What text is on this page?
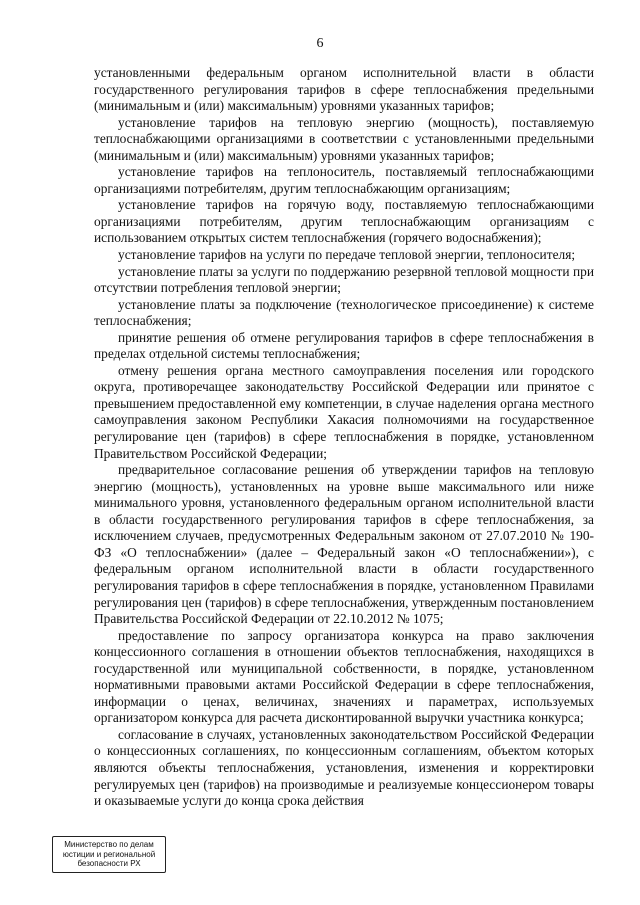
6

установленными федеральным органом исполнительной власти в области государственного регулирования тарифов в сфере теплоснабжения предельными (минимальным и (или) максимальным) уровнями указанных тарифов;

установление тарифов на тепловую энергию (мощность), поставляемую теплоснабжающими организациями в соответствии с установленными предельными (минимальным и (или) максимальным) уровнями указанных тарифов;

установление тарифов на теплоноситель, поставляемый теплоснабжающими организациями потребителям, другим теплоснабжающим организациям;

установление тарифов на горячую воду, поставляемую теплоснабжающими организациями потребителям, другим теплоснабжающим организациям с использованием открытых систем теплоснабжения (горячего водоснабжения);

установление тарифов на услуги по передаче тепловой энергии, теплоносителя;

установление платы за услуги по поддержанию резервной тепловой мощности при отсутствии потребления тепловой энергии;

установление платы за подключение (технологическое присоединение) к системе теплоснабжения;

принятие решения об отмене регулирования тарифов в сфере теплоснабжения в пределах отдельной системы теплоснабжения;

отмену решения органа местного самоуправления поселения или городского округа, противоречащее законодательству Российской Федерации или принятое с превышением предоставленной ему компетенции, в случае наделения органа местного самоуправления законом Республики Хакасия полномочиями на государственное регулирование цен (тарифов) в сфере теплоснабжения в порядке, установленном Правительством Российской Федерации;

предварительное согласование решения об утверждении тарифов на тепловую энергию (мощность), установленных на уровне выше максимального или ниже минимального уровня, установленного федеральным органом исполнительной власти в области государственного регулирования тарифов в сфере теплоснабжения, за исключением случаев, предусмотренных Федеральным законом от 27.07.2010 № 190-ФЗ «О теплоснабжении» (далее – Федеральный закон «О теплоснабжении»), с федеральным органом исполнительной власти в области государственного регулирования тарифов в сфере теплоснабжения в порядке, установленном Правилами регулирования цен (тарифов) в сфере теплоснабжения, утвержденным постановлением Правительства Российской Федерации от 22.10.2012 № 1075;

предоставление по запросу организатора конкурса на право заключения концессионного соглашения в отношении объектов теплоснабжения, находящихся в государственной или муниципальной собственности, в порядке, установленном нормативными правовыми актами Российской Федерации в сфере теплоснабжения, информации о ценах, величинах, значениях и параметрах, используемых организатором конкурса для расчета дисконтированной выручки участника конкурса;

согласование в случаях, установленных законодательством Российской Федерации о концессионных соглашениях, по концессионным соглашениям, объектом которых являются объекты теплоснабжения, установления, изменения и корректировки регулируемых цен (тарифов) на производимые и реализуемые концессионером товары и оказываемые услуги до конца срока действия

Министерство по делам
юстиции и региональной
безопасности РХ
